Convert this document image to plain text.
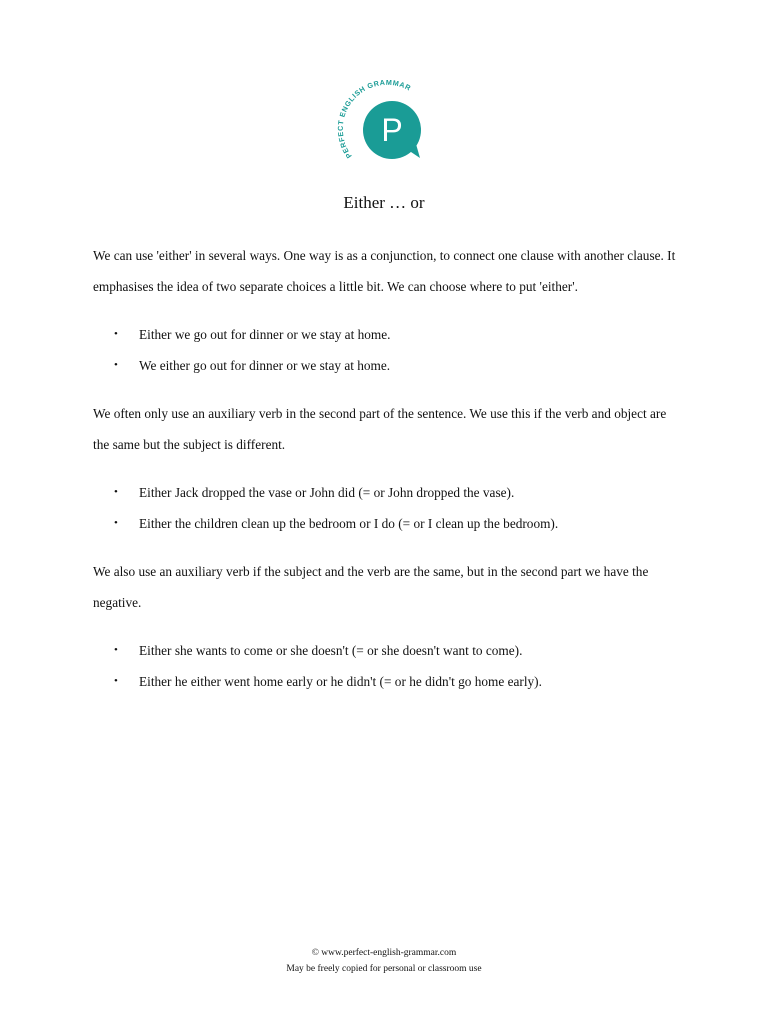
PERFECT ENGLISH GRAMMAR
P
Either … or

We can use 'either' in several ways. One way is as a conjunction, to connect one clause with another clause. It emphasises the idea of two separate choices a little bit. We can choose where to put 'either'.

• Either we go out for dinner or we stay at home.
• We either go out for dinner or we stay at home.

We often only use an auxiliary verb in the second part of the sentence. We use this if the verb and object are the same but the subject is different.

• Either Jack dropped the vase or John did (= or John dropped the vase).
• Either the children clean up the bedroom or I do (= or I clean up the bedroom).

We also use an auxiliary verb if the subject and the verb are the same, but in the second part we have the negative.

• Either she wants to come or she doesn't (= or she doesn't want to come).
• Either he either went home early or he didn't (= or he didn't go home early).
© www.perfect-english-grammar.com
May be freely copied for personal or classroom use
